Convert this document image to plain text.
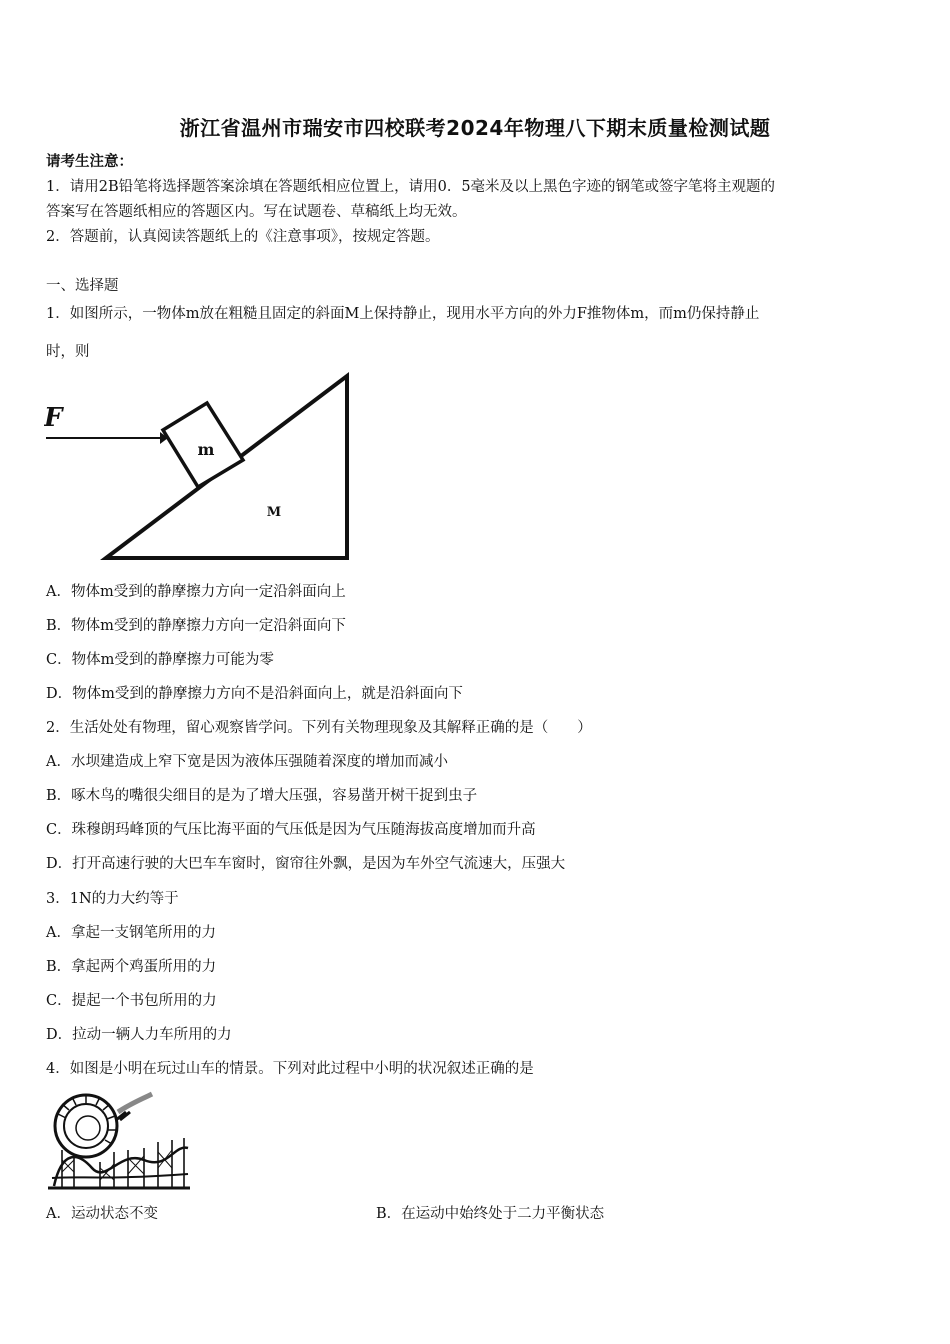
浙江省温州市瑞安市四校联考2024年物理八下期末质量检测试题
请考生注意：
1．请用2B铅笔将选择题答案涂填在答题纸相应位置上，请用0．5毫米及以上黑色字迹的钢笔或签字笔将主观题的
答案写在答题纸相应的答题区内。写在试题卷、草稿纸上均无效。
2．答题前，认真阅读答题纸上的《注意事项》，按规定答题。
一、选择题
1．如图所示，一物体m放在粗糙且固定的斜面M上保持静止，现用水平方向的外力F推物体m，而m仍保持静止
时，则
F
m
M
A．物体m受到的静摩擦力方向一定沿斜面向上
B．物体m受到的静摩擦力方向一定沿斜面向下
C．物体m受到的静摩擦力可能为零
D．物体m受到的静摩擦力方向不是沿斜面向上，就是沿斜面向下
2．生活处处有物理，留心观察皆学问。下列有关物理现象及其解释正确的是（　　）
A．水坝建造成上窄下宽是因为液体压强随着深度的增加而减小
B．啄木鸟的嘴很尖细目的是为了增大压强，容易凿开树干捉到虫子
C．珠穆朗玛峰顶的气压比海平面的气压低是因为气压随海拔高度增加而升高
D．打开高速行驶的大巴车车窗时，窗帘往外飘，是因为车外空气流速大，压强大
3．1N的力大约等于
A．拿起一支钢笔所用的力
B．拿起两个鸡蛋所用的力
C．提起一个书包所用的力
D．拉动一辆人力车所用的力
4．如图是小明在玩过山车的情景。下列对此过程中小明的状况叙述正确的是
A．运动状态不变	B．在运动中始终处于二力平衡状态
